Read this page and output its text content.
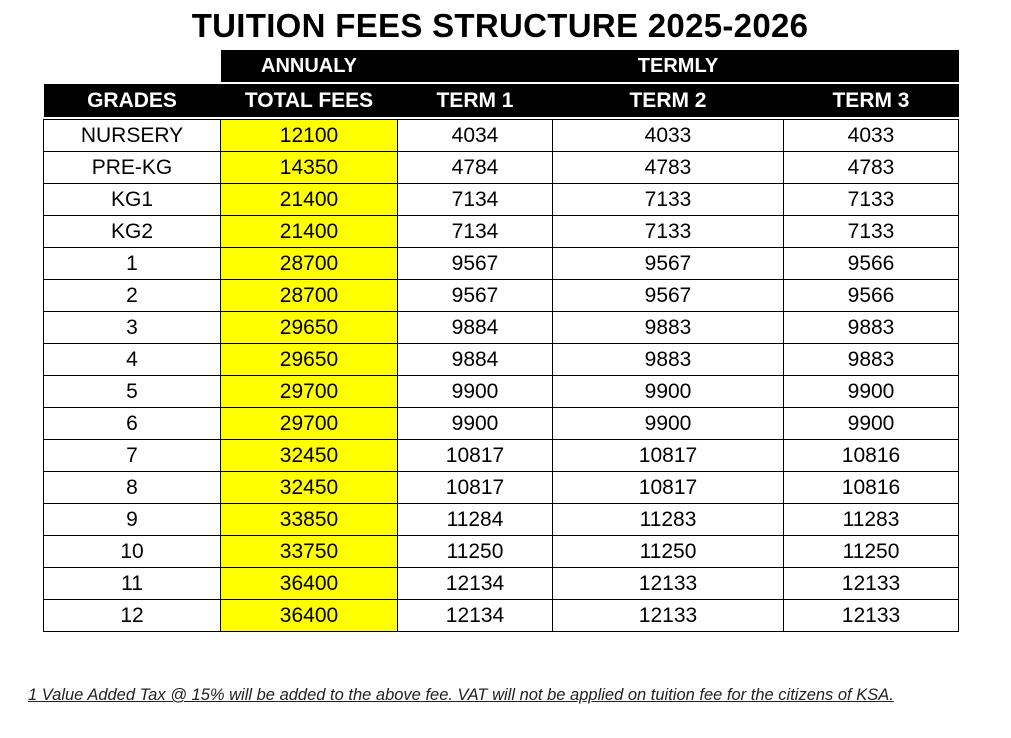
TUITION FEES STRUCTURE 2025-2026
	ANNUALY	TERMLY		
GRADES	TOTAL FEES	TERM 1	TERM 2	TERM 3

NURSERY	12100	4034	4033	4033
PRE-KG	14350	4784	4783	4783
KG1	21400	7134	7133	7133
KG2	21400	7134	7133	7133
1	28700	9567	9567	9566
2	28700	9567	9567	9566
3	29650	9884	9883	9883
4	29650	9884	9883	9883
5	29700	9900	9900	9900
6	29700	9900	9900	9900
7	32450	10817	10817	10816
8	32450	10817	10817	10816
9	33850	11284	11283	11283
10	33750	11250	11250	11250
11	36400	12134	12133	12133
12	36400	12134	12133	12133
1 Value Added Tax @ 15% will be added to the above fee. VAT will not be applied on tuition fee for the citizens of KSA.
